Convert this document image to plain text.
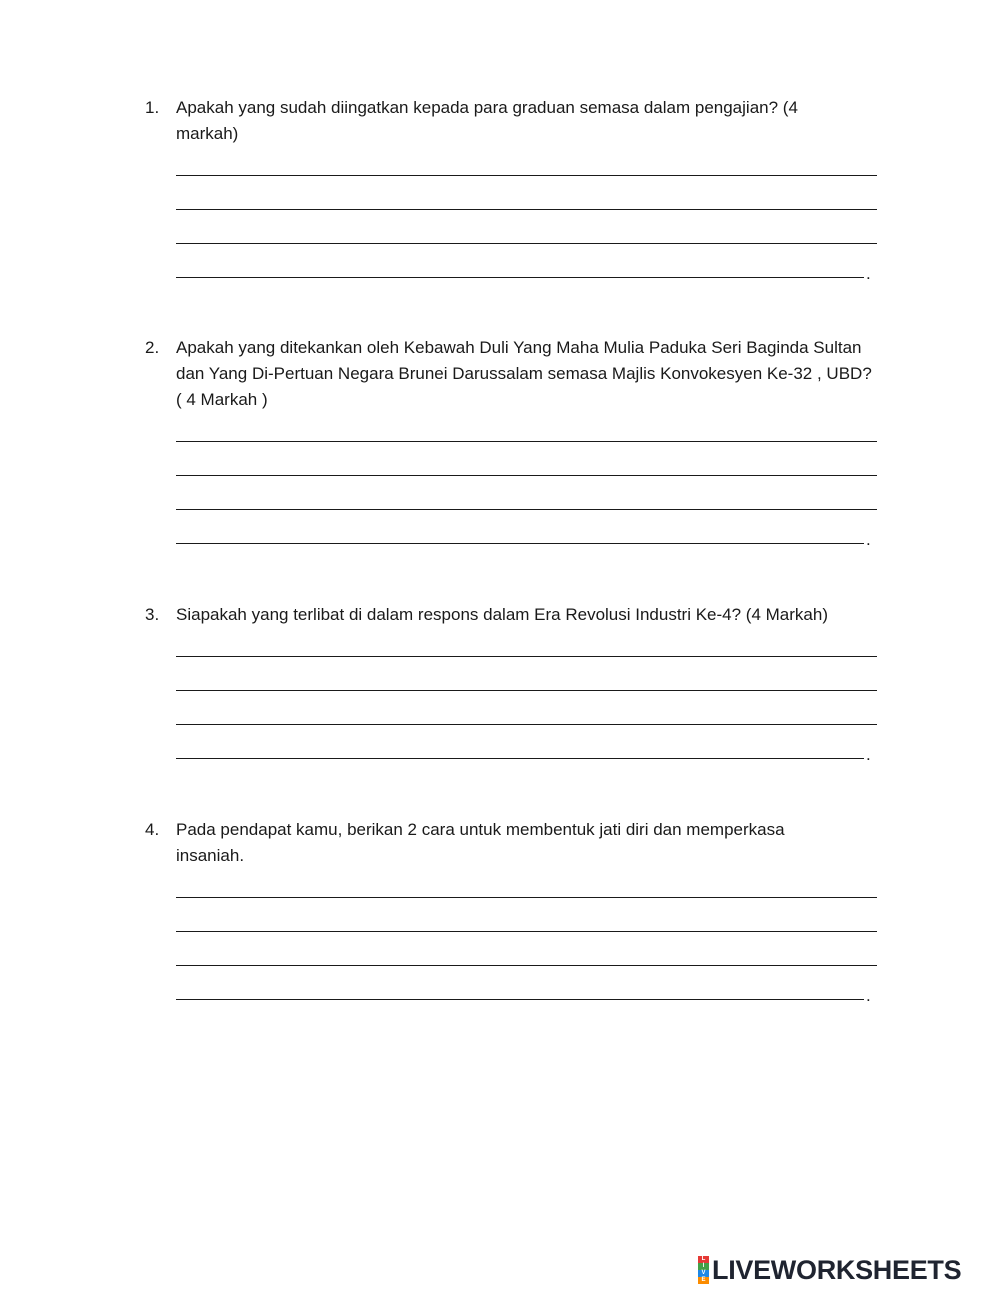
1. Apakah yang sudah diingatkan kepada para graduan semasa dalam pengajian? (4 markah)
.
2. Apakah yang ditekankan oleh Kebawah Duli Yang Maha Mulia Paduka Seri Baginda Sultan dan Yang Di-Pertuan Negara Brunei Darussalam semasa Majlis Konvokesyen Ke-32 , UBD? ( 4 Markah )
.
3. Siapakah yang terlibat di dalam respons dalam Era Revolusi Industri Ke-4? (4 Markah)
.
4. Pada pendapat kamu, berikan 2 cara untuk membentuk jati diri dan memperkasa insaniah.
.
L
I
V
E LIVEWORKSHEETS
